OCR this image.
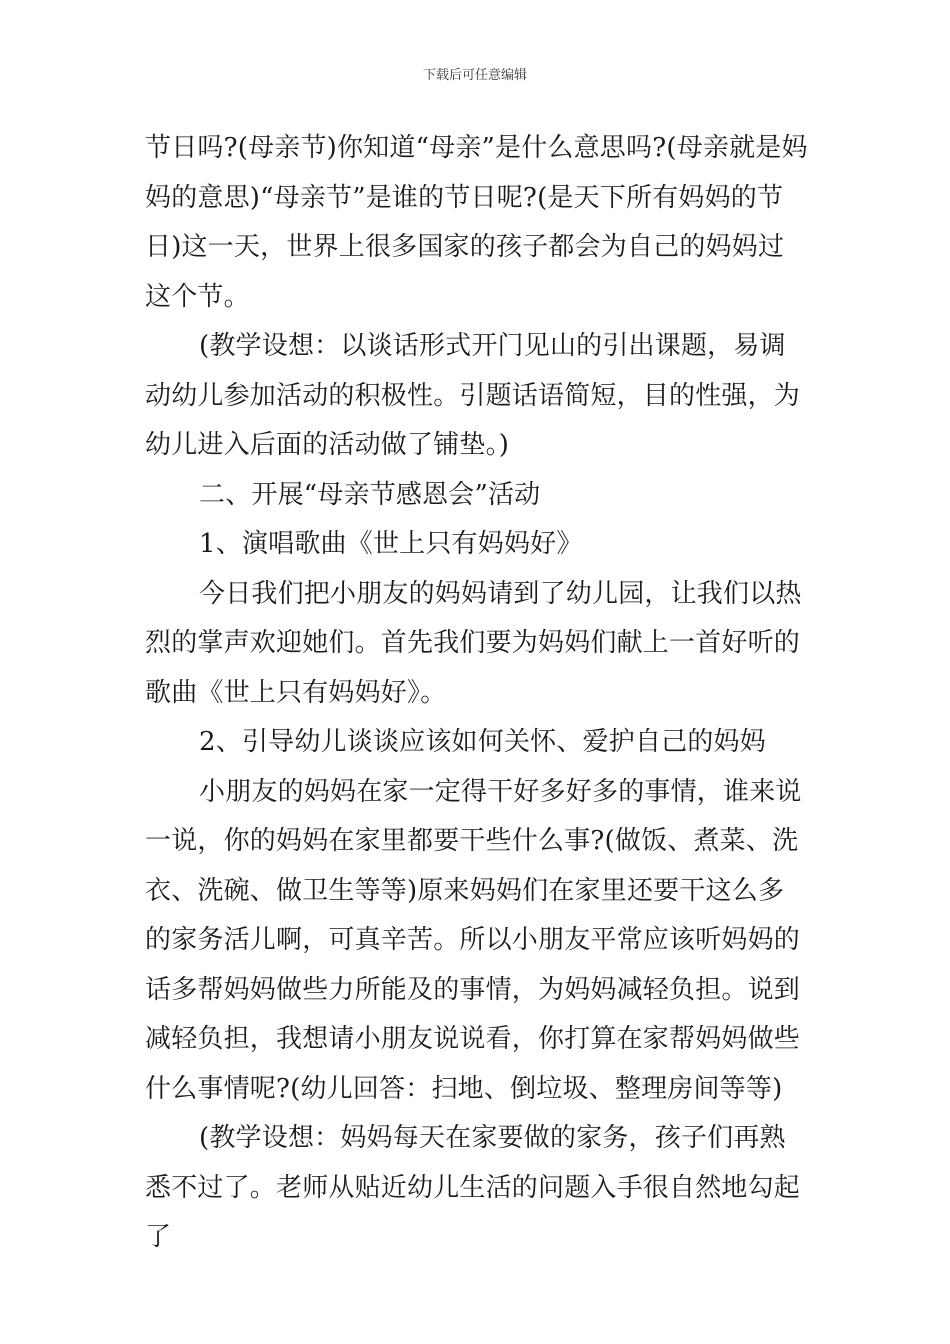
下载后可任意编辑

节日吗?(母亲节)你知道“母亲”是什么意思吗?(母亲就是妈妈的意思)“母亲节”是谁的节日呢?(是天下所有妈妈的节日)这一天，世界上很多国家的孩子都会为自己的妈妈过这个节。

(教学设想：以谈话形式开门见山的引出课题，易调动幼儿参加活动的积极性。引题话语简短，目的性强，为幼儿进入后面的活动做了铺垫。)

二、开展“母亲节感恩会”活动

1、演唱歌曲《世上只有妈妈好》

今日我们把小朋友的妈妈请到了幼儿园，让我们以热烈的掌声欢迎她们。首先我们要为妈妈们献上一首好听的歌曲《世上只有妈妈好》。

2、引导幼儿谈谈应该如何关怀、爱护自己的妈妈

小朋友的妈妈在家一定得干好多好多的事情，谁来说一说，你的妈妈在家里都要干些什么事?(做饭、煮菜、洗衣、洗碗、做卫生等等)原来妈妈们在家里还要干这么多的家务活儿啊，可真辛苦。所以小朋友平常应该听妈妈的话多帮妈妈做些力所能及的事情，为妈妈减轻负担。说到减轻负担，我想请小朋友说说看，你打算在家帮妈妈做些什么事情呢?(幼儿回答：扫地、倒垃圾、整理房间等等)

(教学设想：妈妈每天在家要做的家务，孩子们再熟悉不过了。老师从贴近幼儿生活的问题入手很自然地勾起了
